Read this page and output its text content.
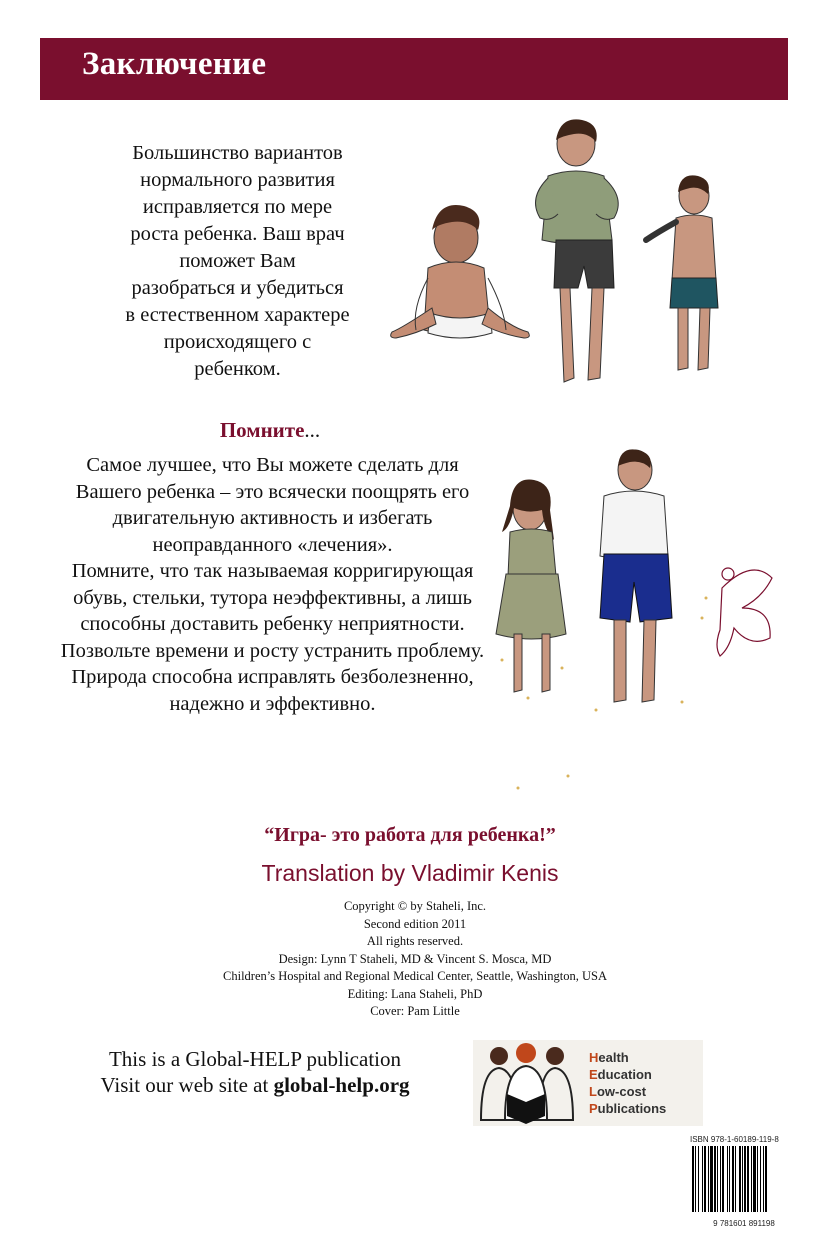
Заключение
Большинство вариантов
нормального развития
исправляется по мере
роста ребенка. Ваш врач
поможет Вам
разобраться и убедиться
в естественном характере
происходящего с
ребенком.
Помните...

Самое лучшее, что Вы можете сделать для Вашего ребенка – это всячески поощрять его двигательную активность и избегать неоправданного «лечения».

Помните, что так называемая корригирующая обувь, стельки, тутора неэффективны, а лишь способны доставить ребенку неприятности.

Позвольте времени и росту устранить проблему. Природа способна исправлять безболезненно, надежно и эффективно.

“Игра- это работа для ребенка!”
Translation by Vladimir Kenis
Copyright © by Staheli, Inc.
Second edition 2011
All rights reserved.
Design: Lynn T Staheli, MD & Vincent S. Mosca, MD
Children’s Hospital and Regional Medical Center, Seattle, Washington, USA
Editing: Lana Staheli, PhD
Cover: Pam Little
This is a Global-HELP publication
Visit our web site at global-help.org
Health
Education
Low-cost
Publications
ISBN 978-1-60189-119-8
9 781601 891198
